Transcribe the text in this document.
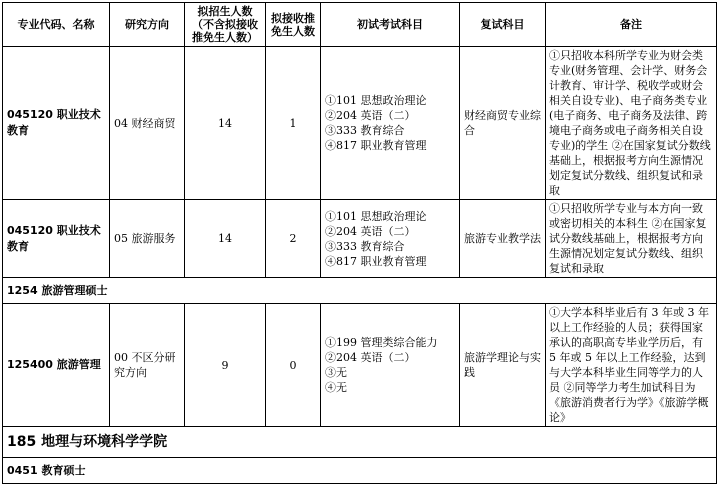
专业代码、名称	研究方向	拟招生人数（不含拟接收推免生人数）	拟接收推免生人数	初试考试科目	复试科目	备注
045120 职业技术教育	04 财经商贸	14	1	①101 思想政治理论
②204 英语（二）
③333 教育综合
④817 职业教育管理	财经商贸专业综合	①只招收本科所学专业为财会类专业(财务管理、会计学、财务会计教育、审计学、税收学或财会相关自设专业)、电子商务类专业(电子商务、电子商务及法律、跨境电子商务或电子商务相关自设专业)的学生 ②在国家复试分数线基础上，根据报考方向生源情况划定复试分数线、组织复试和录取
045120 职业技术教育	05 旅游服务	14	2	①101 思想政治理论
②204 英语（二）
③333 教育综合
④817 职业教育管理	旅游专业教学法	①只招收所学专业与本方向一致或密切相关的本科生 ②在国家复试分数线基础上，根据报考方向生源情况划定复试分数线、组织复试和录取
1254 旅游管理硕士						
125400 旅游管理	00 不区分研究方向	9	0	①199 管理类综合能力
②204 英语（二）
③无
④无	旅游学理论与实践	①大学本科毕业后有 3 年或 3 年以上工作经验的人员；获得国家承认的高职高专毕业学历后，有 5 年或 5 年以上工作经验，达到与大学本科毕业生同等学力的人员 ②同等学力考生加试科目为《旅游消费者行为学》《旅游学概论》
185 地理与环境科学学院						
0451 教育硕士						
